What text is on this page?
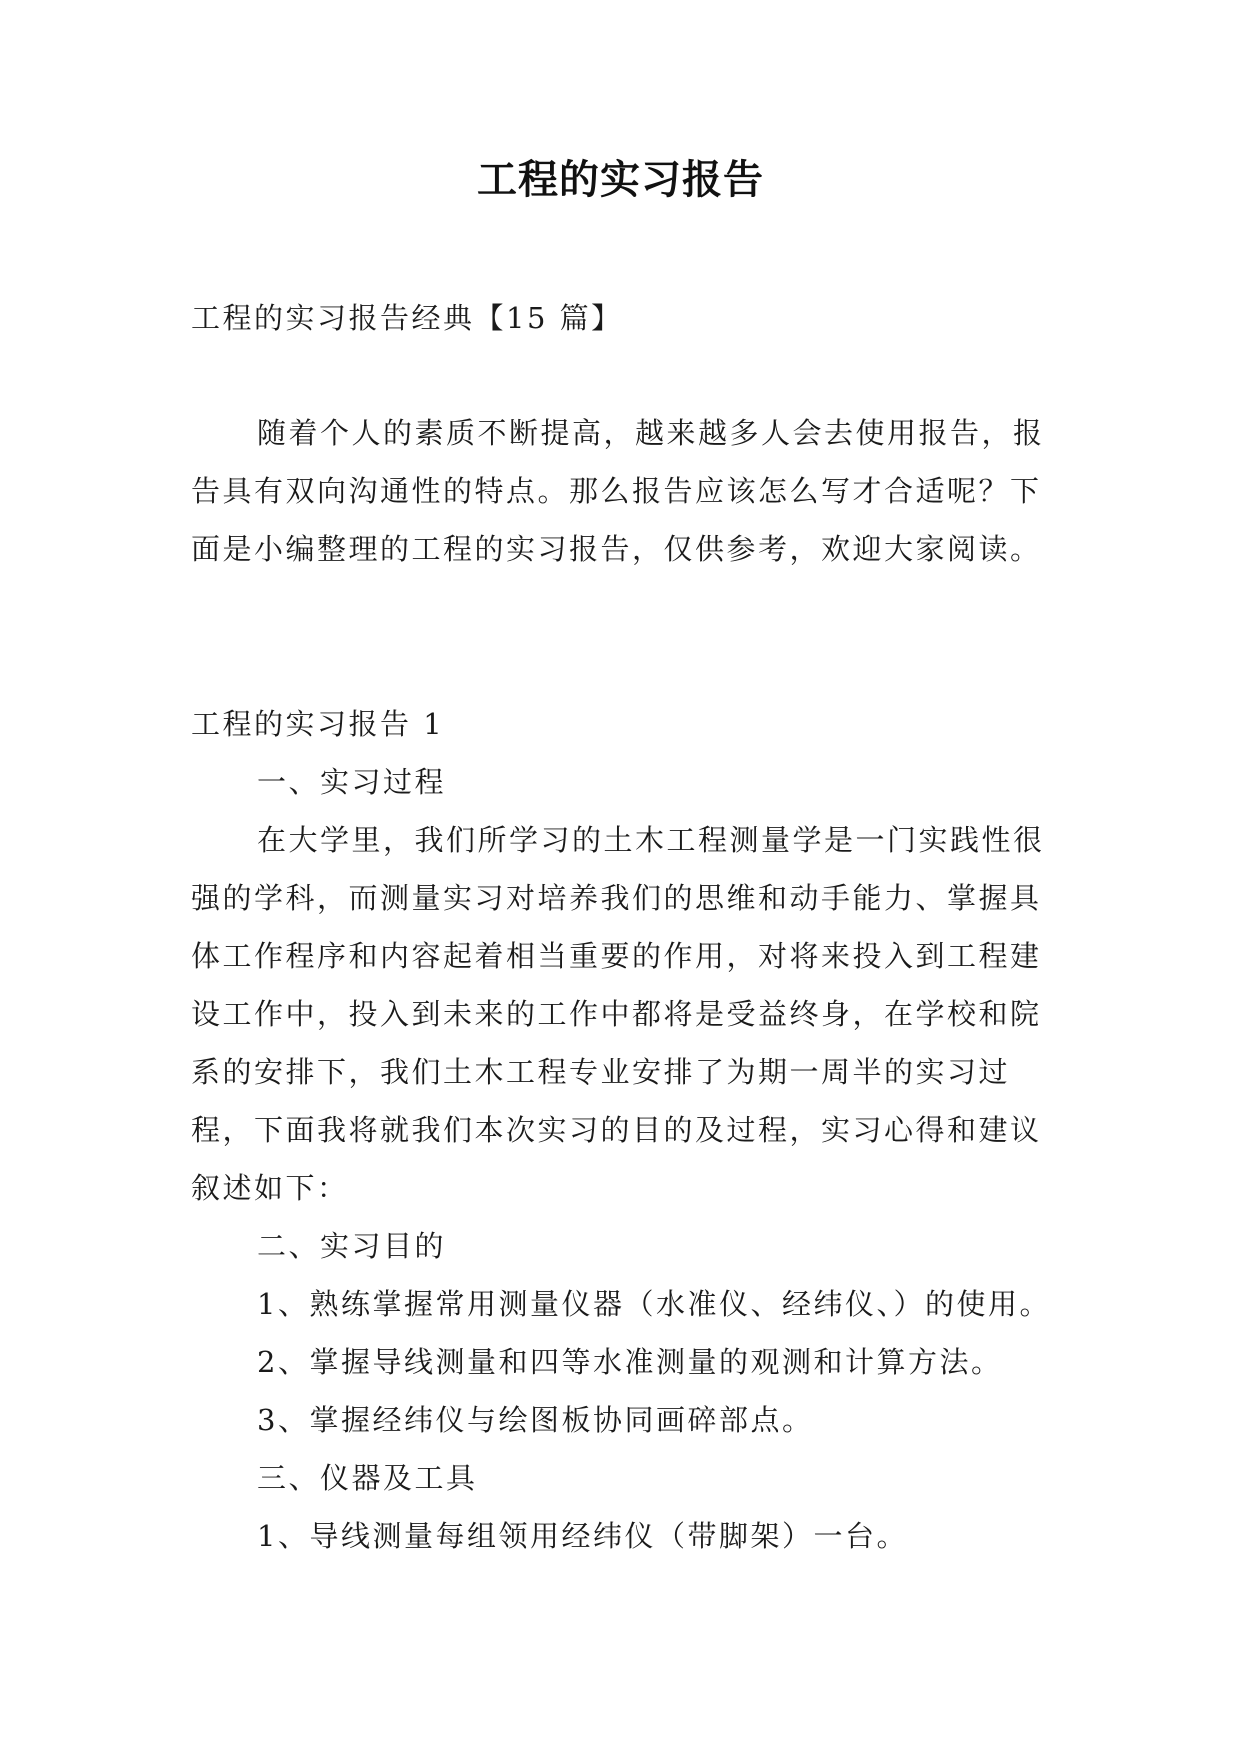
工程的实习报告
工程的实习报告经典【15 篇】
随着个人的素质不断提高，越来越多人会去使用报告，报告具有双向沟通性的特点。那么报告应该怎么写才合适呢？下面是小编整理的工程的实习报告，仅供参考，欢迎大家阅读。
工程的实习报告 1
一、实习过程
在大学里，我们所学习的土木工程测量学是一门实践性很强的学科，而测量实习对培养我们的思维和动手能力、掌握具体工作程序和内容起着相当重要的作用，对将来投入到工程建设工作中，投入到未来的工作中都将是受益终身，在学校和院系的安排下，我们土木工程专业安排了为期一周半的实习过程，下面我将就我们本次实习的目的及过程，实习心得和建议叙述如下：
二、实习目的
1、熟练掌握常用测量仪器（水准仪、经纬仪、）的使用。
2、掌握导线测量和四等水准测量的观测和计算方法。
3、掌握经纬仪与绘图板协同画碎部点。
三、仪器及工具
1、导线测量每组领用经纬仪（带脚架）一台。
